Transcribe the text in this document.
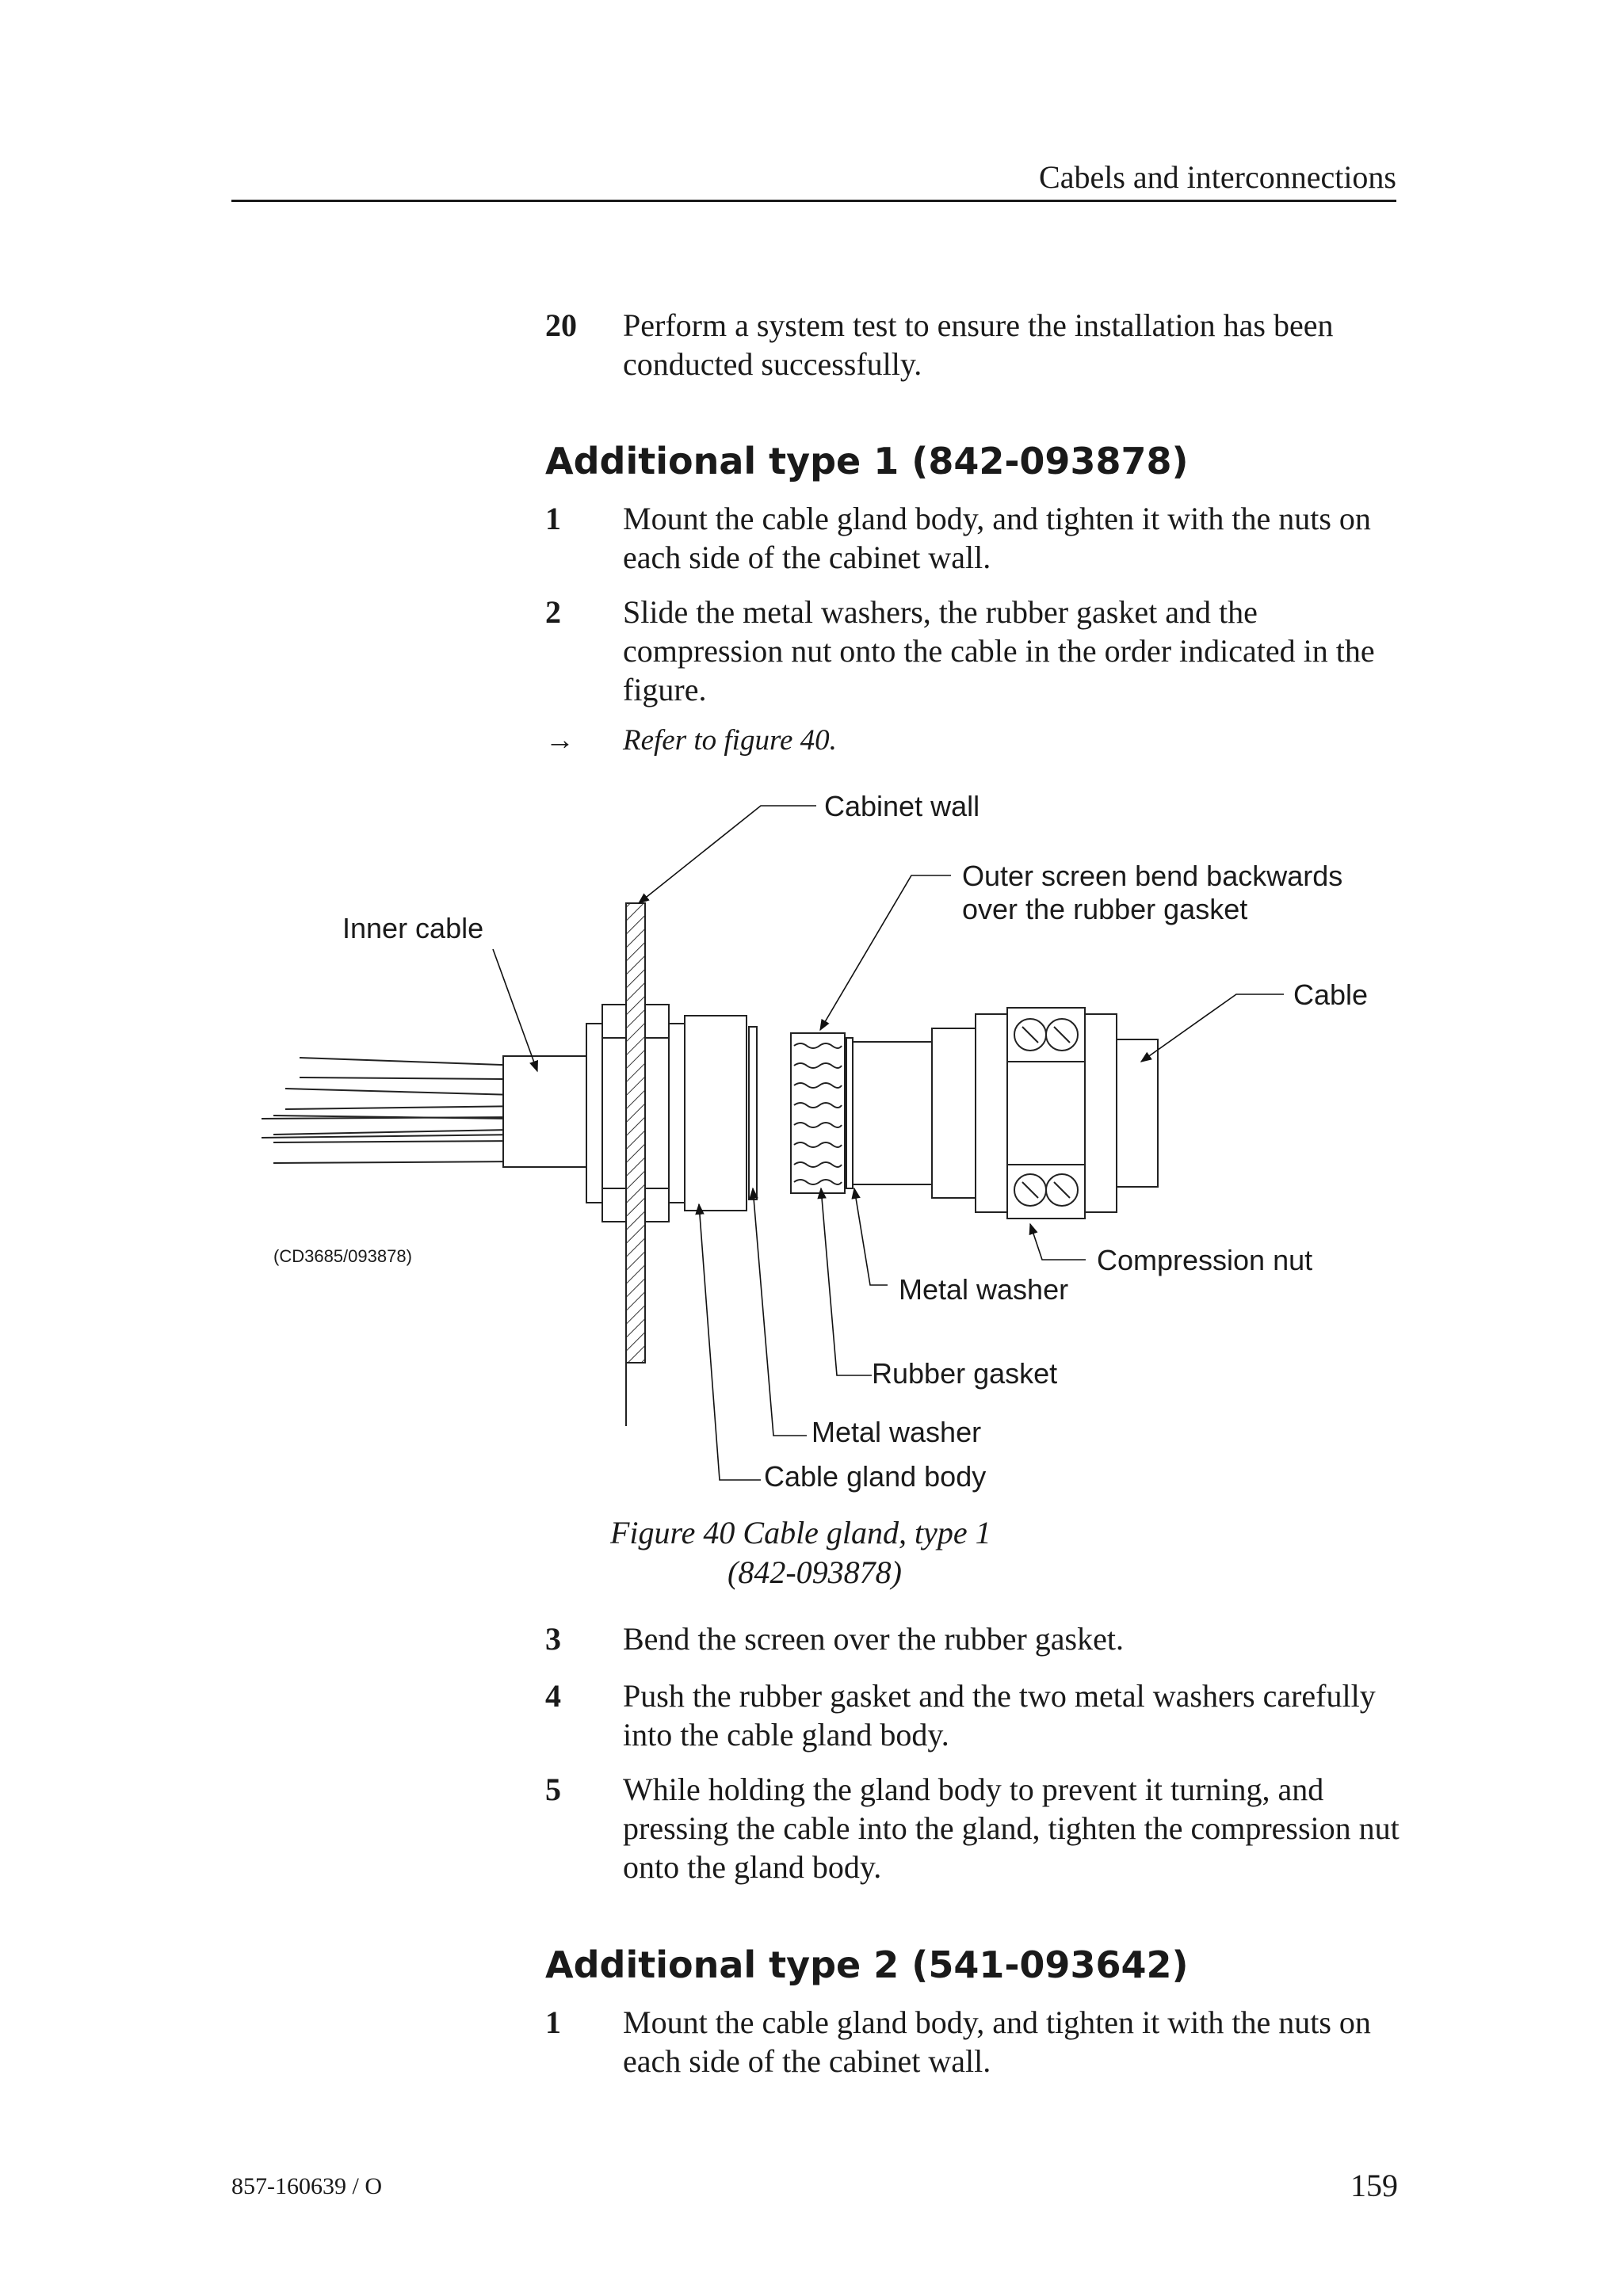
Cabels and interconnections
20 Perform a system test to ensure the installation has been conducted successfully.
Additional type 1 (842-093878)
1 Mount the cable gland body, and tighten it with the nuts on each side of the cabinet wall.
2 Slide the metal washers, the rubber gasket and the compression nut onto the cable in the order indicated in the figure.
→ Refer to figure 40.
Cabinet wall
Outer screen bend backwards
over the rubber gasket
Inner cable
Cable
(CD3685/093878)	Compression nut
Metal washer
Rubber gasket
Metal washer
Cable gland body
Figure 40 Cable gland, type 1
(842-093878)
3 Bend the screen over the rubber gasket.
4 Push the rubber gasket and the two metal washers carefully into the cable gland body.
5 While holding the gland body to prevent it turning, and pressing the cable into the gland, tighten the compression nut onto the gland body.
Additional type 2 (541-093642)
1 Mount the cable gland body, and tighten it with the nuts on each side of the cabinet wall.
857-160639 / O	159
